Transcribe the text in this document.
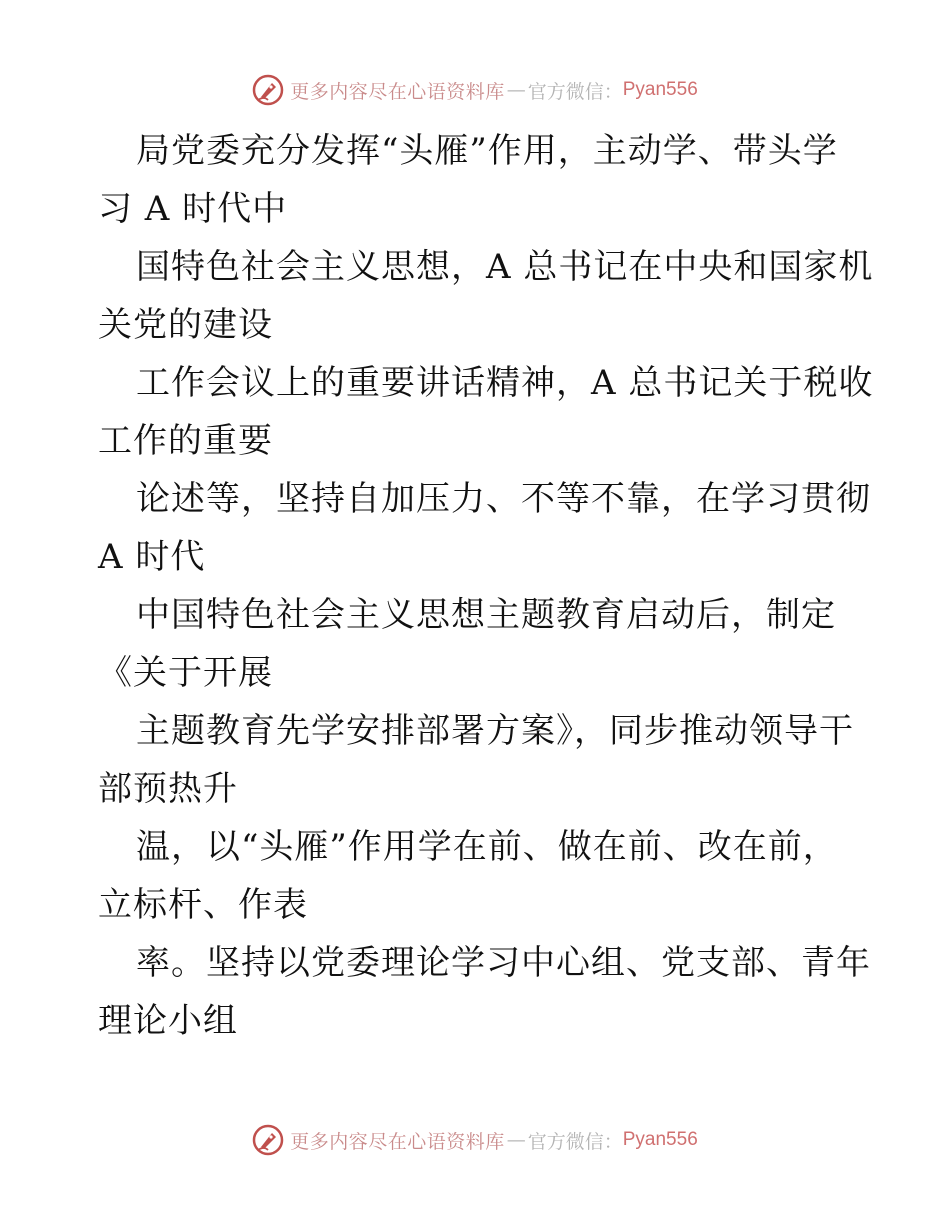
更多内容尽在心语资料库 — 官方微信： Pyan556

局党委充分发挥“头雁”作用，主动学、带头学

习 A 时代中

国特色社会主义思想，A 总书记在中央和国家机

关党的建设

工作会议上的重要讲话精神，A 总书记关于税收

工作的重要

论述等，坚持自加压力、不等不靠，在学习贯彻

A 时代

中国特色社会主义思想主题教育启动后，制定

《关于开展

主题教育先学安排部署方案》，同步推动领导干

部预热升

温，以“头雁”作用学在前、做在前、改在前，

立标杆、作表

率。坚持以党委理论学习中心组、党支部、青年

理论小组

更多内容尽在心语资料库 — 官方微信： Pyan556
